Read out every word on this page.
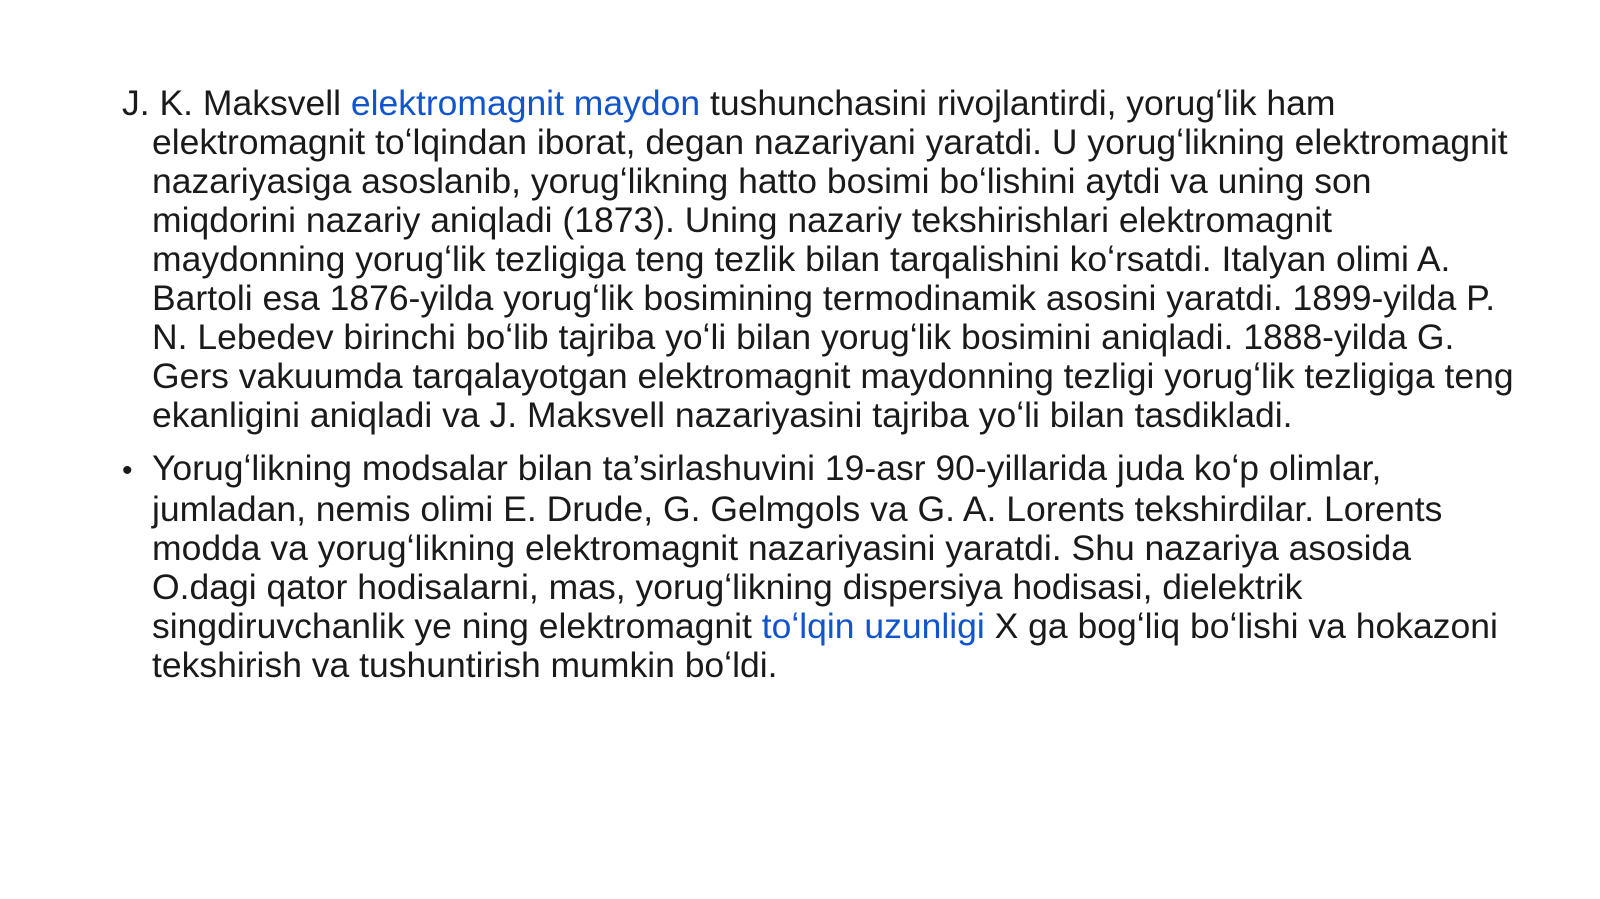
J. K. Maksvell elektromagnit maydon tushunchasini rivojlantirdi, yorugʻlik ham elektromagnit toʻlqindan iborat, degan nazariyani yaratdi. U yorugʻlikning elektromagnit nazariyasiga asoslanib, yorugʻlikning hatto bosimi boʻlishini aytdi va uning son miqdorini nazariy aniqladi (1873). Uning nazariy tekshirishlari elektromagnit maydonning yorugʻlik tezligiga teng tezlik bilan tarqalishini koʻrsatdi. Italyan olimi A. Bartoli esa 1876-yilda yorugʻlik bosimining termodinamik asosini yaratdi. 1899-yilda P. N. Lebedev birinchi boʻlib tajriba yoʻli bilan yorugʻlik bosimini aniqladi. 1888-yilda G. Gers vakuumda tarqalayotgan elektromagnit maydonning tezligi yorugʻlik tezligiga teng ekanligini aniqladi va J. Maksvell nazariyasini tajriba yoʻli bilan tasdikladi.

• Yorugʻlikning modsalar bilan ta’sirlashuvini 19-asr 90-yillarida juda koʻp olimlar, jumladan, nemis olimi E. Drude, G. Gelmgols va G. A. Lorents tekshirdilar. Lorents modda va yorugʻlikning elektromagnit nazariyasini yaratdi. Shu nazariya asosida O.dagi qator hodisalarni, mas, yorugʻlikning dispersiya hodisasi, dielektrik singdiruvchanlik ye ning elektromagnit toʻlqin uzunligi X ga bogʻliq boʻlishi va hokazoni tekshirish va tushuntirish mumkin boʻldi.
